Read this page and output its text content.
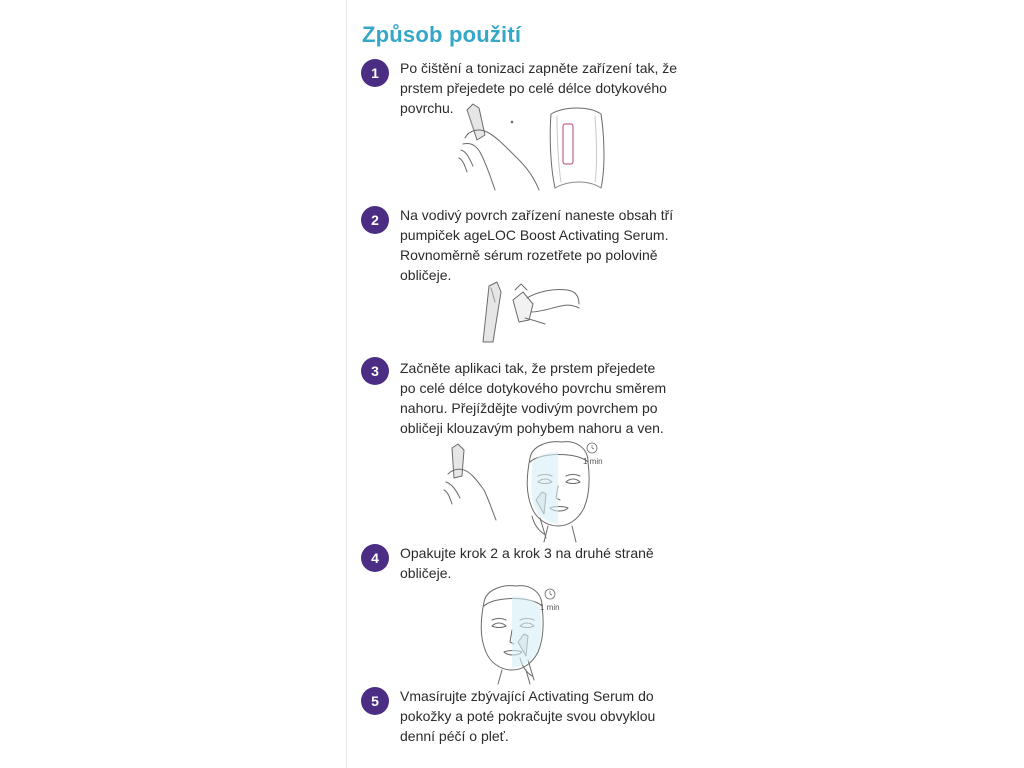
Způsob použití
1 Po čištění a tonizaci zapněte zařízení tak, že
prstem přejedete po celé délce dotykového
povrchu.
2 Na vodivý povrch zařízení naneste obsah tří
pumpiček ageLOC Boost Activating Serum.
Rovnoměrně sérum rozetřete po polovině
obličeje.
3 Začněte aplikaci tak, že prstem přejedete
po celé délce dotykového povrchu směrem
nahoru. Přejíždějte vodivým povrchem po
obličeji klouzavým pohybem nahoru a ven.
1 min
4 Opakujte krok 2 a krok 3 na druhé straně
obličeje.
1 min
5 Vmasírujte zbývající Activating Serum do
pokožky a poté pokračujte svou obvyklou
denní péčí o pleť.
